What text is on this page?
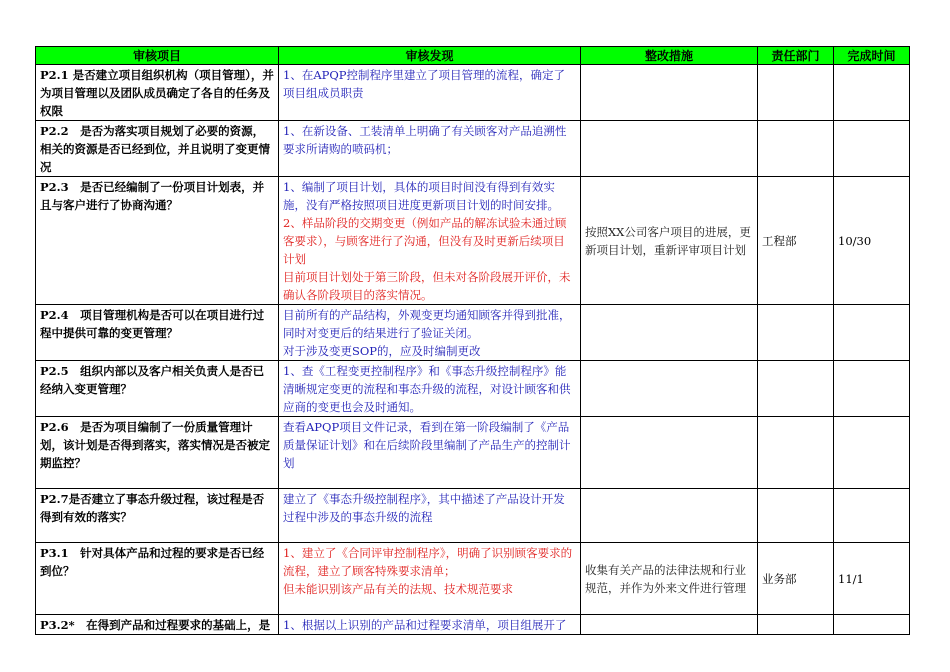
审核项目	审核发现	整改措施	责任部门	完成时间
P2.1 是否建立项目组织机构（项目管理），并为项目管理以及团队成员确定了各自的任务及权限	1、在APQP控制程序里建立了项目管理的流程，确定了项目组成员职责			

P2.2　是否为落实项目规划了必要的资源，相关的资源是否已经到位，并且说明了变更情况	1、在新设备、工装清单上明确了有关顾客对产品追溯性要求所请购的喷码机；			

P2.3　是否已经编制了一份项目计划表，并且与客户进行了协商沟通？	1、编制了项目计划，具体的项目时间没有得到有效实施，没有严格按照项目进度更新项目计划的时间安排。
2、样品阶段的交期变更（例如产品的解冻试验未通过顾客要求），与顾客进行了沟通，但没有及时更新后续项目计划
目前项目计划处于第三阶段，但未对各阶段展开评价，未确认各阶段项目的落实情况。	按照XX公司客户项目的进展，更新项目计划，重新评审项目计划	工程部	10/30
P2.4　项目管理机构是否可以在项目进行过程中提供可靠的变更管理？	目前所有的产品结构，外观变更均通知顾客并得到批准，同时对变更后的结果进行了验证关闭。
对于涉及变更SOP的，应及时编制更改			

P2.5　组织内部以及客户相关负责人是否已经纳入变更管理？	1、查《工程变更控制程序》和《事态升级控制程序》能清晰规定变更的流程和事态升级的流程，对设计顾客和供应商的变更也会及时通知。			

P2.6　是否为项目编制了一份质量管理计划，该计划是否得到落实，落实情况是否被定期监控？	查看APQP项目文件记录，看到在第一阶段编制了《产品质量保证计划》和在后续阶段里编制了产品生产的控制计划			

P2.7是否建立了事态升级过程，该过程是否得到有效的落实？	建立了《事态升级控制程序》，其中描述了产品设计开发过程中涉及的事态升级的流程			

P3.1　针对具体产品和过程的要求是否已经到位？	1、建立了《合同评审控制程序》，明确了识别顾客要求的流程，建立了顾客特殊要求清单；
但未能识别该产品有关的法规、技术规范要求	收集有关产品的法律法规和行业规范，并作为外来文件进行管理	业务部	11/1
P3.2*　在得到产品和过程要求的基础上，是	1、根据以上识别的产品和过程要求清单，项目组展开了			
